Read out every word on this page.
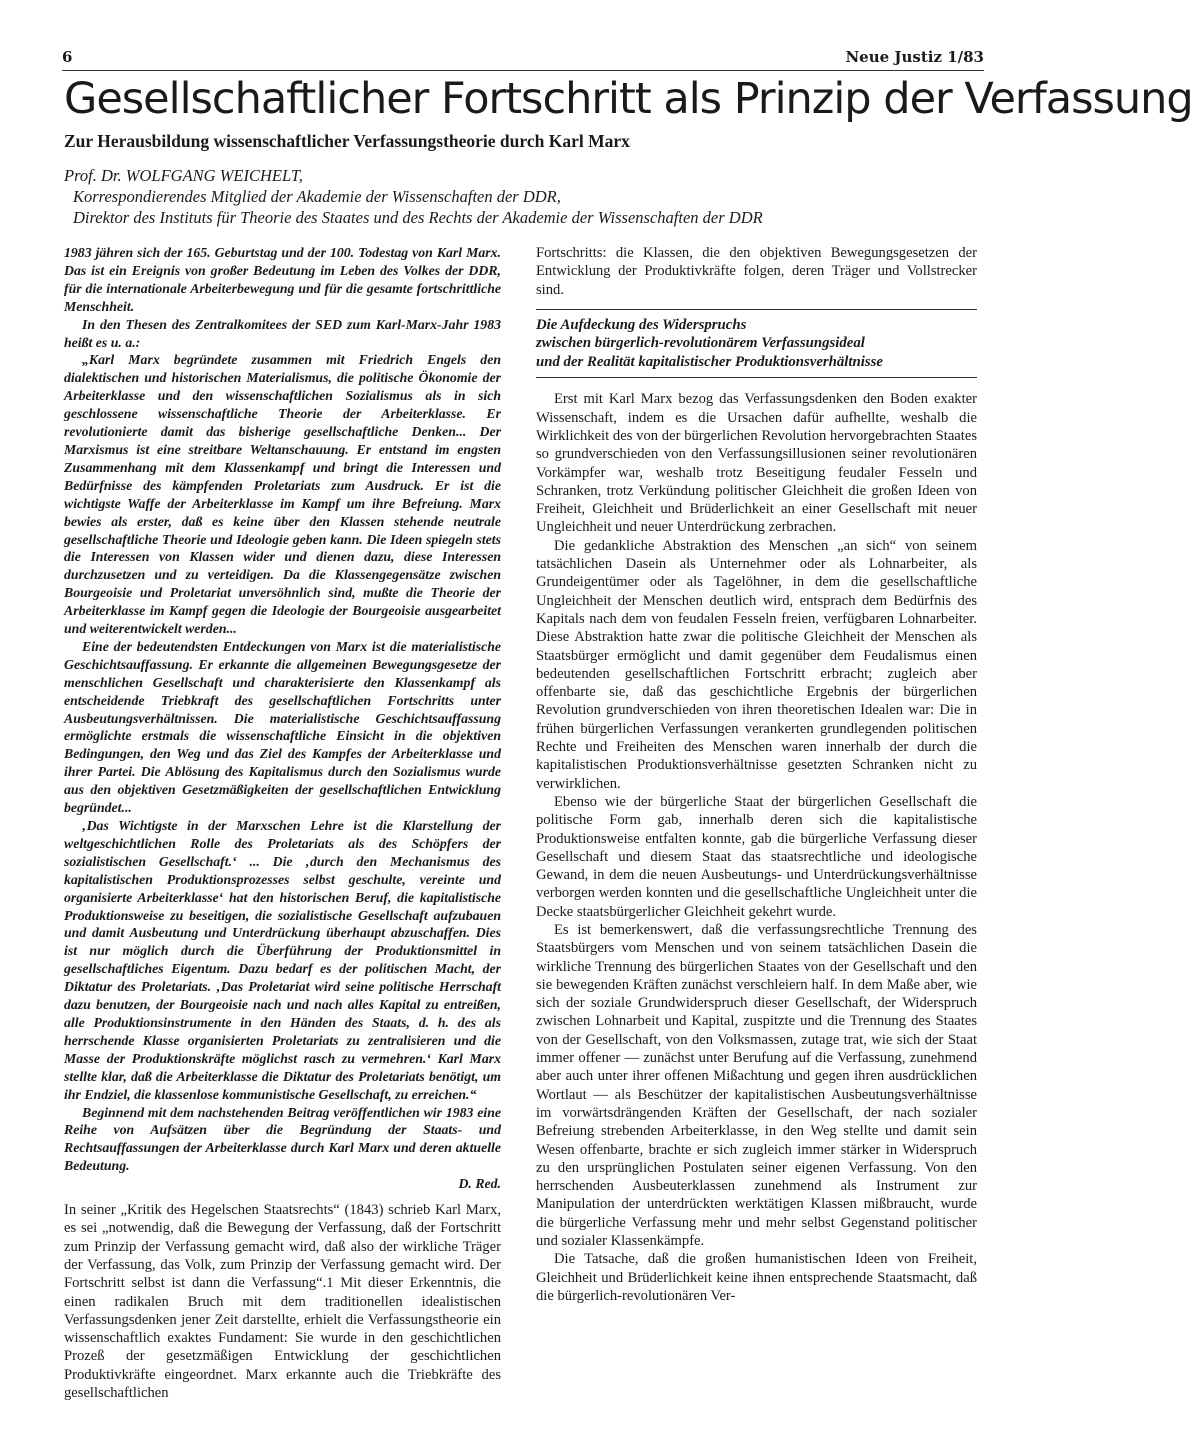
6	Neue Justiz 1/83
Gesellschaftlicher Fortschritt als Prinzip der Verfassung
Zur Herausbildung wissenschaftlicher Verfassungstheorie durch Karl Marx
Prof. Dr. WOLFGANG WEICHELT,
Korrespondierendes Mitglied der Akademie der Wissenschaften der DDR,
Direktor des Instituts für Theorie des Staates und des Rechts der Akademie der Wissenschaften der DDR

1983 jähren sich der 165. Geburtstag und der 100. Todestag von Karl Marx. Das ist ein Ereignis von großer Bedeutung im Leben des Volkes der DDR, für die internationale Arbeiterbewegung und für die gesamte fortschrittliche Menschheit.

In den Thesen des Zentralkomitees der SED zum Karl-Marx-Jahr 1983 heißt es u. a.:

„Karl Marx begründete zusammen mit Friedrich Engels den dialektischen und historischen Materialismus, die politische Ökonomie der Arbeiterklasse und den wissenschaftlichen Sozialismus als in sich geschlossene wissenschaftliche Theorie der Arbeiterklasse. Er revolutionierte damit das bisherige gesellschaftliche Denken... Der Marxismus ist eine streitbare Weltanschauung. Er entstand im engsten Zusammenhang mit dem Klassenkampf und bringt die Interessen und Bedürfnisse des kämpfenden Proletariats zum Ausdruck. Er ist die wichtigste Waffe der Arbeiterklasse im Kampf um ihre Befreiung. Marx bewies als erster, daß es keine über den Klassen stehende neutrale gesellschaftliche Theorie und Ideologie geben kann. Die Ideen spiegeln stets die Interessen von Klassen wider und dienen dazu, diese Interessen durchzusetzen und zu verteidigen. Da die Klassengegensätze zwischen Bourgeoisie und Proletariat unversöhnlich sind, mußte die Theorie der Arbeiterklasse im Kampf gegen die Ideologie der Bourgeoisie ausgearbeitet und weiterentwickelt werden...

Eine der bedeutendsten Entdeckungen von Marx ist die materialistische Geschichtsauffassung. Er erkannte die allgemeinen Bewegungsgesetze der menschlichen Gesellschaft und charakterisierte den Klassenkampf als entscheidende Triebkraft des gesellschaftlichen Fortschritts unter Ausbeutungsverhältnissen. Die materialistische Geschichtsauffassung ermöglichte erstmals die wissenschaftliche Einsicht in die objektiven Bedingungen, den Weg und das Ziel des Kampfes der Arbeiterklasse und ihrer Partei. Die Ablösung des Kapitalismus durch den Sozialismus wurde aus den objektiven Gesetzmäßigkeiten der gesellschaftlichen Entwicklung begründet...

‚Das Wichtigste in der Marxschen Lehre ist die Klarstellung der weltgeschichtlichen Rolle des Proletariats als des Schöpfers der sozialistischen Gesellschaft.‘ ... Die ‚durch den Mechanismus des kapitalistischen Produktionsprozesses selbst geschulte, vereinte und organisierte Arbeiterklasse‘ hat den historischen Beruf, die kapitalistische Produktionsweise zu beseitigen, die sozialistische Gesellschaft aufzubauen und damit Ausbeutung und Unterdrückung überhaupt abzuschaffen. Dies ist nur möglich durch die Überführung der Produktionsmittel in gesellschaftliches Eigentum. Dazu bedarf es der politischen Macht, der Diktatur des Proletariats. ‚Das Proletariat wird seine politische Herrschaft dazu benutzen, der Bourgeoisie nach und nach alles Kapital zu entreißen, alle Produktionsinstrumente in den Händen des Staats, d. h. des als herrschende Klasse organisierten Proletariats zu zentralisieren und die Masse der Produktionskräfte möglichst rasch zu vermehren.‘ Karl Marx stellte klar, daß die Arbeiterklasse die Diktatur des Proletariats benötigt, um ihr Endziel, die klassenlose kommunistische Gesellschaft, zu erreichen.“

Beginnend mit dem nachstehenden Beitrag veröffentlichen wir 1983 eine Reihe von Aufsätzen über die Begründung der Staats- und Rechtsauffassungen der Arbeiterklasse durch Karl Marx und deren aktuelle Bedeutung.

D. Red.

In seiner „Kritik des Hegelschen Staatsrechts“ (1843) schrieb Karl Marx, es sei „notwendig, daß die Bewegung der Verfassung, daß der Fortschritt zum Prinzip der Verfassung gemacht wird, daß also der wirkliche Träger der Verfassung, das Volk, zum Prinzip der Verfassung gemacht wird. Der Fortschritt selbst ist dann die Verfassung“.1 Mit dieser Erkenntnis, die einen radikalen Bruch mit dem traditionellen idealistischen Verfassungsdenken jener Zeit darstellte, erhielt die Verfassungstheorie ein wissenschaftlich exaktes Fundament: Sie wurde in den geschichtlichen Prozeß der gesetzmäßigen Entwicklung der geschichtlichen Produktivkräfte eingeordnet. Marx erkannte auch die Triebkräfte des gesellschaftlichen

Fortschritts: die Klassen, die den objektiven Bewegungsgesetzen der Entwicklung der Produktivkräfte folgen, deren Träger und Vollstrecker sind.

Die Aufdeckung des Widerspruchs
zwischen bürgerlich-revolutionärem Verfassungsideal
und der Realität kapitalistischer Produktionsverhältnisse

Erst mit Karl Marx bezog das Verfassungsdenken den Boden exakter Wissenschaft, indem es die Ursachen dafür aufhellte, weshalb die Wirklichkeit des von der bürgerlichen Revolution hervorgebrachten Staates so grundverschieden von den Verfassungsillusionen seiner revolutionären Vorkämpfer war, weshalb trotz Beseitigung feudaler Fesseln und Schranken, trotz Verkündung politischer Gleichheit die großen Ideen von Freiheit, Gleichheit und Brüderlichkeit an einer Gesellschaft mit neuer Ungleichheit und neuer Unterdrückung zerbrachen.

Die gedankliche Abstraktion des Menschen „an sich“ von seinem tatsächlichen Dasein als Unternehmer oder als Lohnarbeiter, als Grundeigentümer oder als Tagelöhner, in dem die gesellschaftliche Ungleichheit der Menschen deutlich wird, entsprach dem Bedürfnis des Kapitals nach dem von feudalen Fesseln freien, verfügbaren Lohnarbeiter. Diese Abstraktion hatte zwar die politische Gleichheit der Menschen als Staatsbürger ermöglicht und damit gegenüber dem Feudalismus einen bedeutenden gesellschaftlichen Fortschritt erbracht; zugleich aber offenbarte sie, daß das geschichtliche Ergebnis der bürgerlichen Revolution grundverschieden von ihren theoretischen Idealen war: Die in frühen bürgerlichen Verfassungen verankerten grundlegenden politischen Rechte und Freiheiten des Menschen waren innerhalb der durch die kapitalistischen Produktionsverhältnisse gesetzten Schranken nicht zu verwirklichen.

Ebenso wie der bürgerliche Staat der bürgerlichen Gesellschaft die politische Form gab, innerhalb deren sich die kapitalistische Produktionsweise entfalten konnte, gab die bürgerliche Verfassung dieser Gesellschaft und diesem Staat das staatsrechtliche und ideologische Gewand, in dem die neuen Ausbeutungs- und Unterdrückungsverhältnisse verborgen werden konnten und die gesellschaftliche Ungleichheit unter die Decke staatsbürgerlicher Gleichheit gekehrt wurde.

Es ist bemerkenswert, daß die verfassungsrechtliche Trennung des Staatsbürgers vom Menschen und von seinem tatsächlichen Dasein die wirkliche Trennung des bürgerlichen Staates von der Gesellschaft und den sie bewegenden Kräften zunächst verschleiern half. In dem Maße aber, wie sich der soziale Grundwiderspruch dieser Gesellschaft, der Widerspruch zwischen Lohnarbeit und Kapital, zuspitzte und die Trennung des Staates von der Gesellschaft, von den Volksmassen, zutage trat, wie sich der Staat immer offener — zunächst unter Berufung auf die Verfassung, zunehmend aber auch unter ihrer offenen Mißachtung und gegen ihren ausdrücklichen Wortlaut — als Beschützer der kapitalistischen Ausbeutungsverhältnisse im vorwärtsdrängenden Kräften der Gesellschaft, der nach sozialer Befreiung strebenden Arbeiterklasse, in den Weg stellte und damit sein Wesen offenbarte, brachte er sich zugleich immer stärker in Widerspruch zu den ursprünglichen Postulaten seiner eigenen Verfassung. Von den herrschenden Ausbeuterklassen zunehmend als Instrument zur Manipulation der unterdrückten werktätigen Klassen mißbraucht, wurde die bürgerliche Verfassung mehr und mehr selbst Gegenstand politischer und sozialer Klassenkämpfe.

Die Tatsache, daß die großen humanistischen Ideen von Freiheit, Gleichheit und Brüderlichkeit keine ihnen entsprechende Staatsmacht, daß die bürgerlich-revolutionären Ver-
